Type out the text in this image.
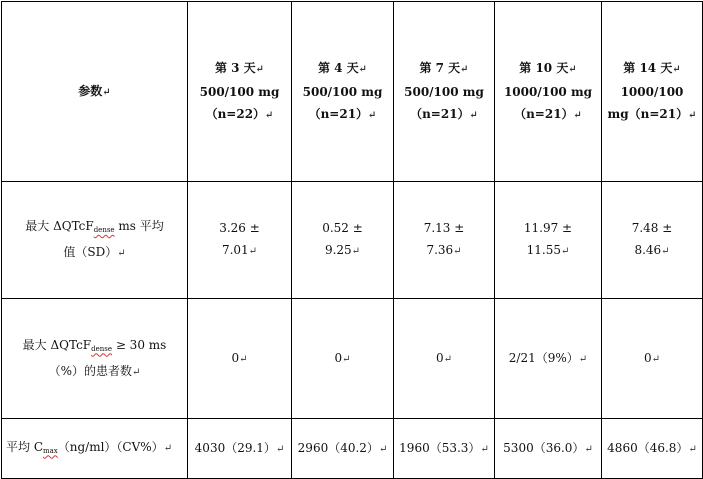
参数↵	第 3 天↵
500/100 mg
（n=22）↵	第 4 天↵
500/100 mg
（n=21）↵	第 7 天↵
500/100 mg
（n=21）↵	第 10 天↵
1000/100 mg
（n=21）↵	第 14 天↵
1000/100
mg（n=21）↵

最大 ΔQTcF$_{dense}$ ms 平均
值（SD）↵	3.26 ±
7.01↵	0.52 ±
9.25↵	7.13 ±
7.36↵	11.97 ±
11.55↵	7.48 ±
8.46↵

最大 ΔQTcF$_{dense}$ ≥ 30 ms
（%）的患者数↵	0↵	0↵	0↵	2/21（9%）↵	0↵
平均 $C_{max}(ng/ml)(CV\%)↵$	4030（29.1）↵	2960（40.2）↵	1960（53.3）↵	5300（36.0）↵	4860（46.8）↵
